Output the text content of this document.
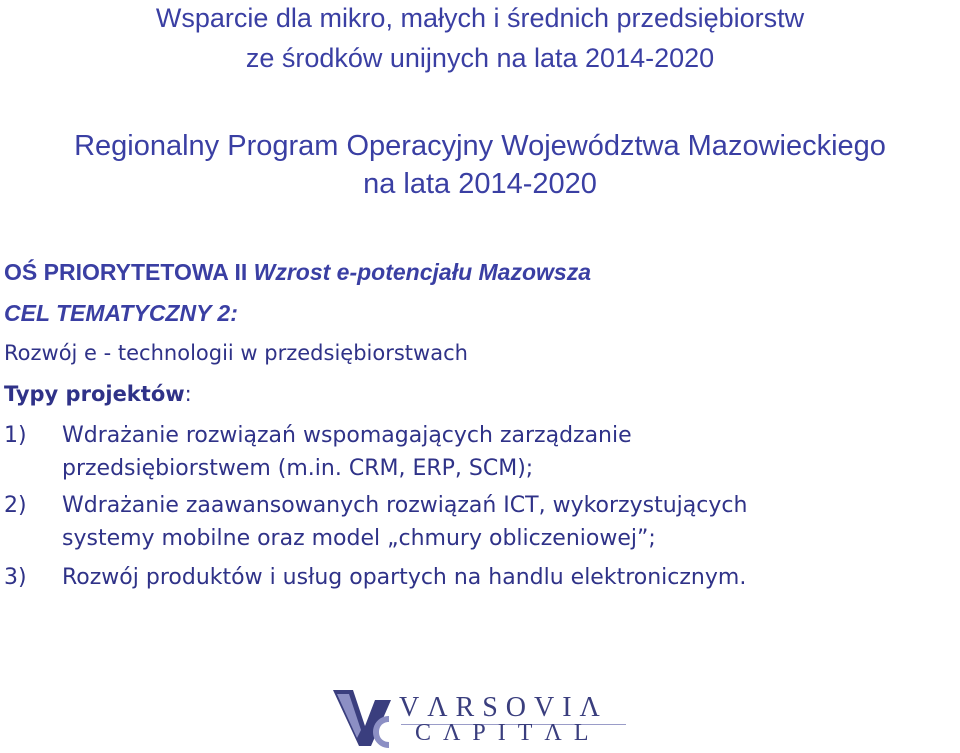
Wsparcie dla mikro, małych i średnich przedsiębiorstw
ze środków unijnych na lata 2014-2020
Regionalny Program Operacyjny Województwa Mazowieckiego
na lata 2014-2020
OŚ PRIORYTETOWA II Wzrost e-potencjału Mazowsza
CEL TEMATYCZNY 2:
Rozwój e - technologii w przedsiębiorstwach
Typy projektów:
1) Wdrażanie rozwiązań wspomagających zarządzanie
przedsiębiorstwem (m.in. CRM, ERP, SCM);
2) Wdrażanie zaawansowanych rozwiązań ICT, wykorzystujących
systemy mobilne oraz model „chmury obliczeniowej”;
3) Rozwój produktów i usług opartych na handlu elektronicznym.
VΛRSOVIΛ
CΛPITΛL
